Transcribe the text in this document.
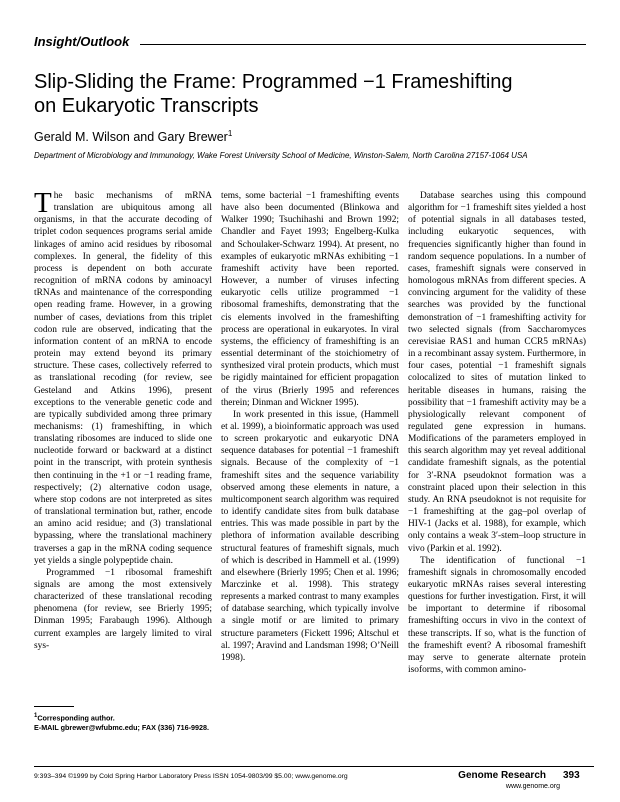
Insight/Outlook
Slip-Sliding the Frame: Programmed −1 Frameshifting
on Eukaryotic Transcripts
Gerald M. Wilson and Gary Brewer$^1$
Department of Microbiology and Immunology, Wake Forest University School of Medicine, Winston-Salem, North Carolina 27157-1064 USA

The basic mechanisms of mRNA translation are ubiquitous among all organisms, in that the accurate decoding of triplet codon sequences programs serial amide linkages of amino acid residues by ribosomal complexes. In general, the fidelity of this process is dependent on both accurate recognition of mRNA codons by aminoacyl tRNAs and maintenance of the corresponding open reading frame. However, in a growing number of cases, deviations from this triplet codon rule are observed, indicating that the information content of an mRNA to encode protein may extend beyond its primary structure. These cases, collectively referred to as translational recoding (for review, see Gesteland and Atkins 1996), present exceptions to the venerable genetic code and are typically subdivided among three primary mechanisms: (1) frameshifting, in which translating ribosomes are induced to slide one nucleotide forward or backward at a distinct point in the transcript, with protein synthesis then continuing in the +1 or −1 reading frame, respectively; (2) alternative codon usage, where stop codons are not interpreted as sites of translational termination but, rather, encode an amino acid residue; and (3) translational bypassing, where the translational machinery traverses a gap in the mRNA coding sequence yet yields a single polypeptide chain.

Programmed −1 ribosomal frameshift signals are among the most extensively characterized of these translational recoding phenomena (for review, see Brierly 1995; Dinman 1995; Farabaugh 1996). Although current examples are largely limited to viral sys-

tems, some bacterial −1 frameshifting events have also been documented (Blinkowa and Walker 1990; Tsuchihashi and Brown 1992; Chandler and Fayet 1993; Engelberg-Kulka and Schoulaker-Schwarz 1994). At present, no examples of eukaryotic mRNAs exhibiting −1 frameshift activity have been reported. However, a number of viruses infecting eukaryotic cells utilize programmed −1 ribosomal frameshifts, demonstrating that the cis elements involved in the frameshifting process are operational in eukaryotes. In viral systems, the efficiency of frameshifting is an essential determinant of the stoichiometry of synthesized viral protein products, which must be rigidly maintained for efficient propagation of the virus (Brierly 1995 and references therein; Dinman and Wickner 1995).

In work presented in this issue, (Hammell et al. 1999), a bioinformatic approach was used to screen prokaryotic and eukaryotic DNA sequence databases for potential −1 frameshift signals. Because of the complexity of −1 frameshift sites and the sequence variability observed among these elements in nature, a multicomponent search algorithm was required to identify candidate sites from bulk database entries. This was made possible in part by the plethora of information available describing structural features of frameshift signals, much of which is described in Hammell et al. (1999) and elsewhere (Brierly 1995; Chen et al. 1996; Marczinke et al. 1998). This strategy represents a marked contrast to many examples of database searching, which typically involve a single motif or are limited to primary structure parameters (Fickett 1996; Altschul et al. 1997; Aravind and Landsman 1998; O’Neill 1998).

Database searches using this compound algorithm for −1 frameshift sites yielded a host of potential signals in all databases tested, including eukaryotic sequences, with frequencies significantly higher than found in random sequence populations. In a number of cases, frameshift signals were conserved in homologous mRNAs from different species. A convincing argument for the validity of these searches was provided by the functional demonstration of −1 frameshifting activity for two selected signals (from Saccharomyces cerevisiae RAS1 and human CCR5 mRNAs) in a recombinant assay system. Furthermore, in four cases, potential −1 frameshift signals colocalized to sites of mutation linked to heritable diseases in humans, raising the possibility that −1 frameshift activity may be a physiologically relevant component of regulated gene expression in humans. Modifications of the parameters employed in this search algorithm may yet reveal additional candidate frameshift signals, as the potential for 3′-RNA pseudoknot formation was a constraint placed upon their selection in this study. An RNA pseudoknot is not requisite for −1 frameshifting at the gag–pol overlap of HIV-1 (Jacks et al. 1988), for example, which only contains a weak 3′-stem–loop structure in vivo (Parkin et al. 1992).

The identification of functional −1 frameshift signals in chromosomally encoded eukaryotic mRNAs raises several interesting questions for further investigation. First, it will be important to determine if ribosomal frameshifting occurs in vivo in the context of these transcripts. If so, what is the function of the frameshift event? A ribosomal frameshift may serve to generate alternate protein isoforms, with common amino-

$^1$Corresponding author.
E-MAIL gbrewer@wfubmc.edu; FAX (336) 716-9928.
9:393–394 ©1999 by Cold Spring Harbor Laboratory Press ISSN 1054-9803/99 $5.00; www.genome.org	Genome Research 393
www.genome.org
